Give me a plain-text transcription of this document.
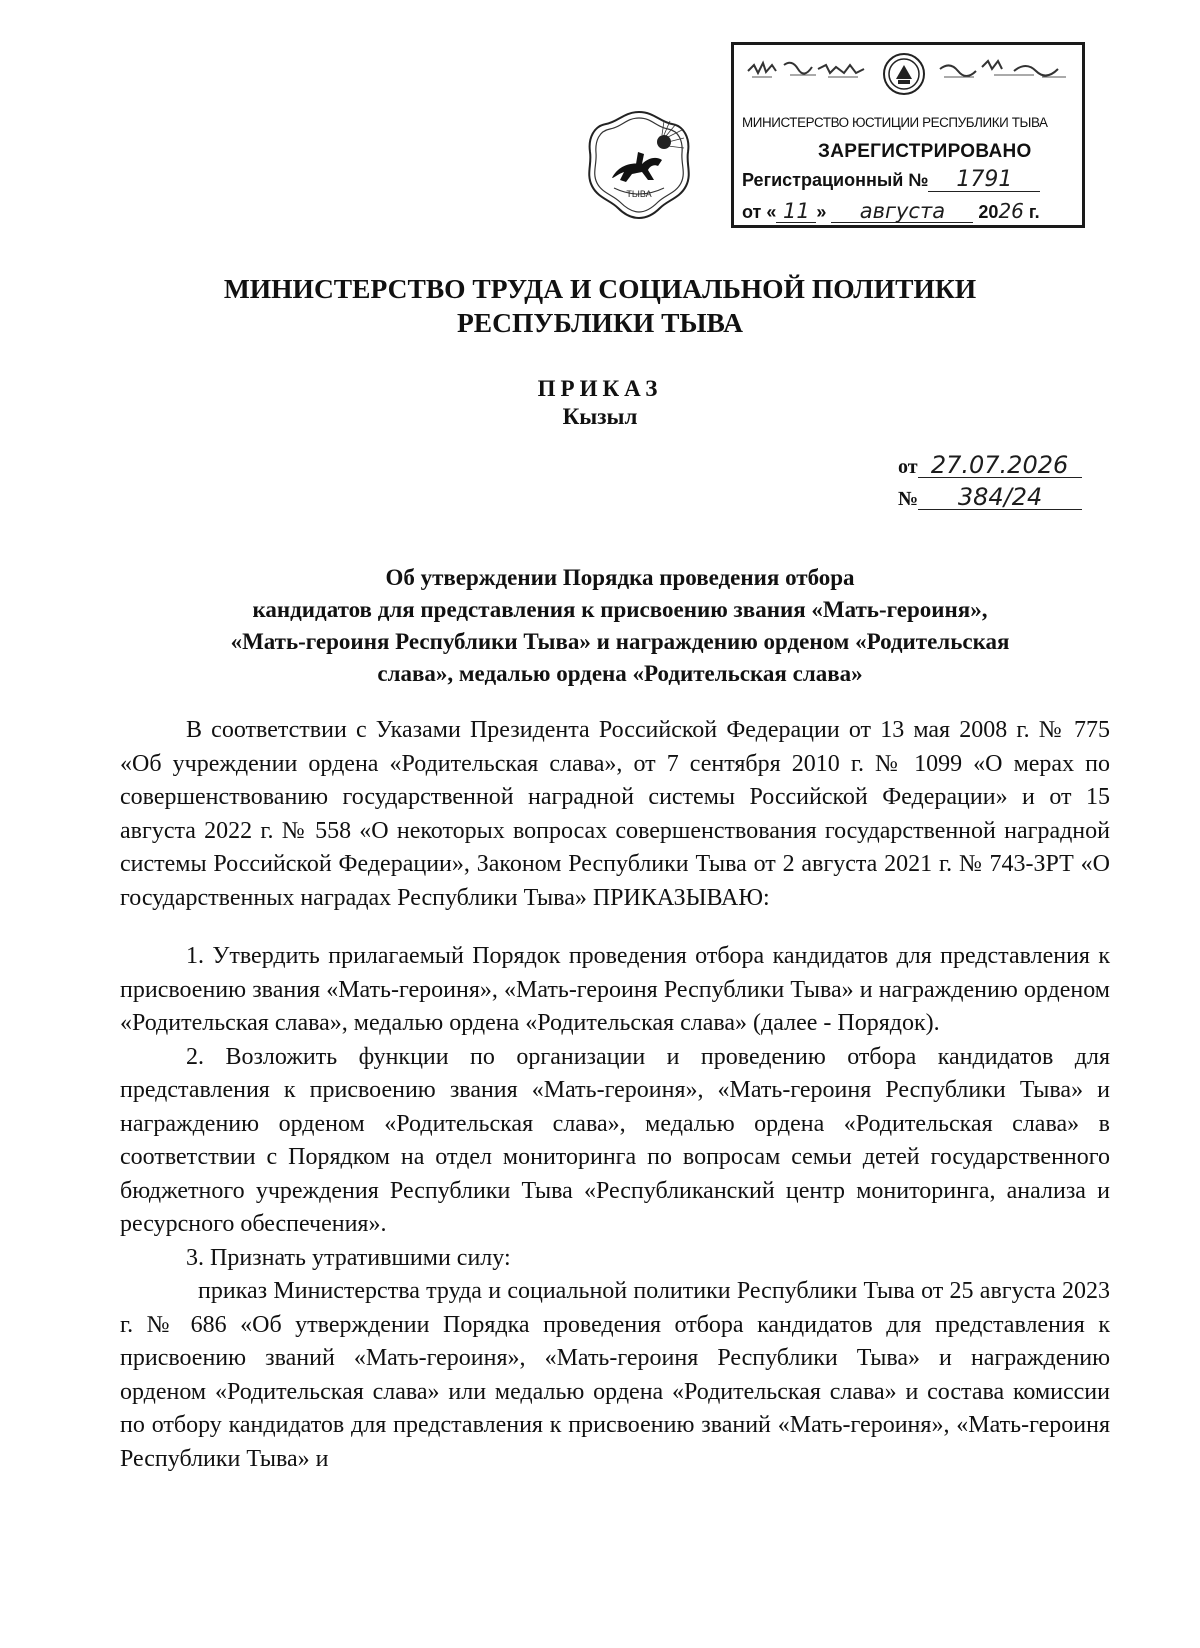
ТЫВА
МИНИСТЕРСТВО ЮСТИЦИИ РЕСПУБЛИКИ ТЫВА
ЗАРЕГИСТРИРОВАНО
Регистрационный № 1791
от « 11 » августа 2026 г.
МИНИСТЕРСТВО ТРУДА И СОЦИАЛЬНОЙ ПОЛИТИКИ
РЕСПУБЛИКИ ТЫВА
ПРИКАЗ
Кызыл
от 27.07.2026
№ 384/24
Об утверждении Порядка проведения отбора
кандидатов для представления к присвоению звания «Мать-героиня»,
«Мать-героиня Республики Тыва» и награждению орденом «Родительская
слава», медалью ордена «Родительская слава»

В соответствии с Указами Президента Российской Федерации от 13 мая 2008 г. № 775 «Об учреждении ордена «Родительская слава», от 7 сентября 2010 г. № 1099 «О мерах по совершенствованию государственной наградной системы Российской Федерации» и от 15 августа 2022 г. № 558 «О некоторых вопросах совершенствования государственной наградной системы Российской Федерации», Законом Республики Тыва от 2 августа 2021 г. № 743-ЗРТ «О государственных наградах Республики Тыва» ПРИКАЗЫВАЮ:

1. Утвердить прилагаемый Порядок проведения отбора кандидатов для представления к присвоению звания «Мать-героиня», «Мать-героиня Республики Тыва» и награждению орденом «Родительская слава», медалью ордена «Родительская слава» (далее - Порядок).

2. Возложить функции по организации и проведению отбора кандидатов для представления к присвоению звания «Мать-героиня», «Мать-героиня Республики Тыва» и награждению орденом «Родительская слава», медалью ордена «Родительская слава» в соответствии с Порядком на отдел мониторинга по вопросам семьи детей государственного бюджетного учреждения Республики Тыва «Республиканский центр мониторинга, анализа и ресурсного обеспечения».

3. Признать утратившими силу:

приказ Министерства труда и социальной политики Республики Тыва от 25 августа 2023 г. № 686 «Об утверждении Порядка проведения отбора кандидатов для представления к присвоению званий «Мать-героиня», «Мать-героиня Республики Тыва» и награждению орденом «Родительская слава» или медалью ордена «Родительская слава» и состава комиссии по отбору кандидатов для представления к присвоению званий «Мать-героиня», «Мать-героиня Республики Тыва» и
